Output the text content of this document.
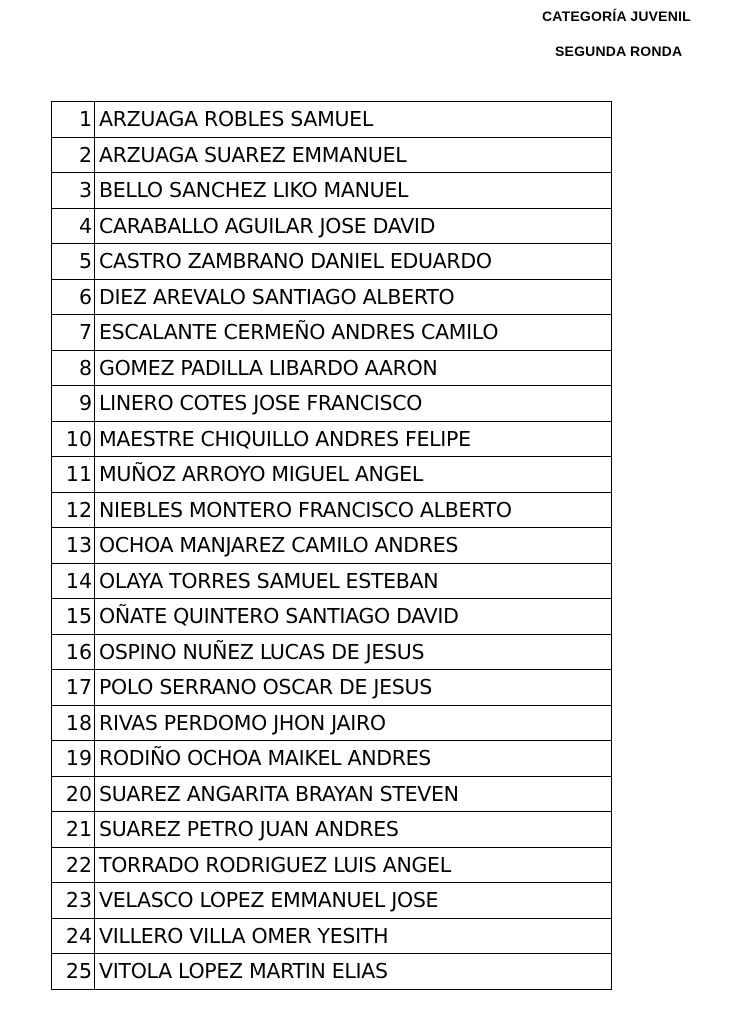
CATEGORÍA JUVENIL
SEGUNDA RONDA
1	ARZUAGA ROBLES SAMUEL
2	ARZUAGA SUAREZ EMMANUEL
3	BELLO SANCHEZ LIKO MANUEL
4	CARABALLO AGUILAR JOSE DAVID
5	CASTRO ZAMBRANO DANIEL EDUARDO
6	DIEZ AREVALO SANTIAGO ALBERTO
7	ESCALANTE CERMEÑO ANDRES CAMILO
8	GOMEZ PADILLA LIBARDO AARON
9	LINERO COTES JOSE FRANCISCO
10	MAESTRE CHIQUILLO ANDRES FELIPE
11	MUÑOZ ARROYO MIGUEL ANGEL
12	NIEBLES MONTERO FRANCISCO ALBERTO
13	OCHOA MANJAREZ CAMILO ANDRES
14	OLAYA TORRES SAMUEL ESTEBAN
15	OÑATE QUINTERO SANTIAGO DAVID
16	OSPINO NUÑEZ LUCAS DE JESUS
17	POLO SERRANO OSCAR DE JESUS
18	RIVAS PERDOMO JHON JAIRO
19	RODIÑO OCHOA MAIKEL ANDRES
20	SUAREZ ANGARITA BRAYAN STEVEN
21	SUAREZ PETRO JUAN ANDRES
22	TORRADO RODRIGUEZ LUIS ANGEL
23	VELASCO LOPEZ EMMANUEL JOSE
24	VILLERO VILLA OMER YESITH
25	VITOLA LOPEZ MARTIN ELIAS
